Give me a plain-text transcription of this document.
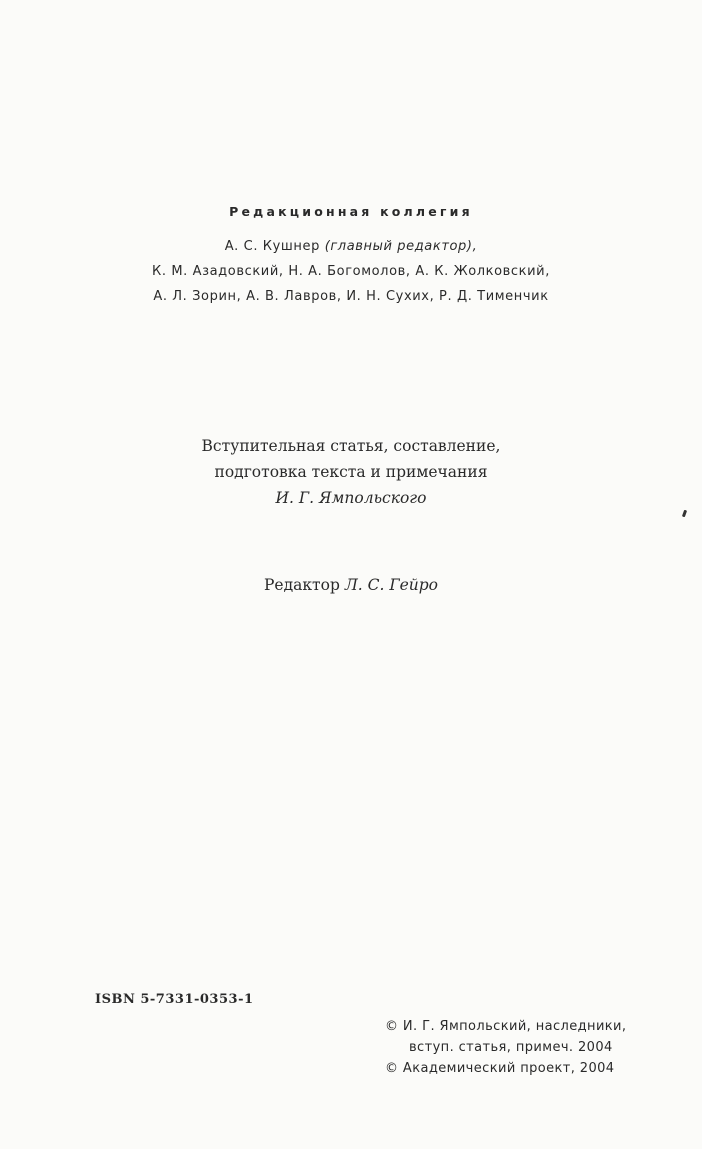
Редакционная коллегия
А. С. Кушнер (главный редактор),
К. М. Азадовский, Н. А. Богомолов, А. К. Жолковский,
А. Л. Зорин, А. В. Лавров, И. Н. Сухих, Р. Д. Тименчик
Вступительная статья, составление,
подготовка текста и примечания
И. Г. Ямпольского
Редактор Л. С. Гейро
ISBN 5-7331-0353-1
© И. Г. Ямпольский, наследники,
вступ. статья, примеч. 2004
© Академический проект, 2004
